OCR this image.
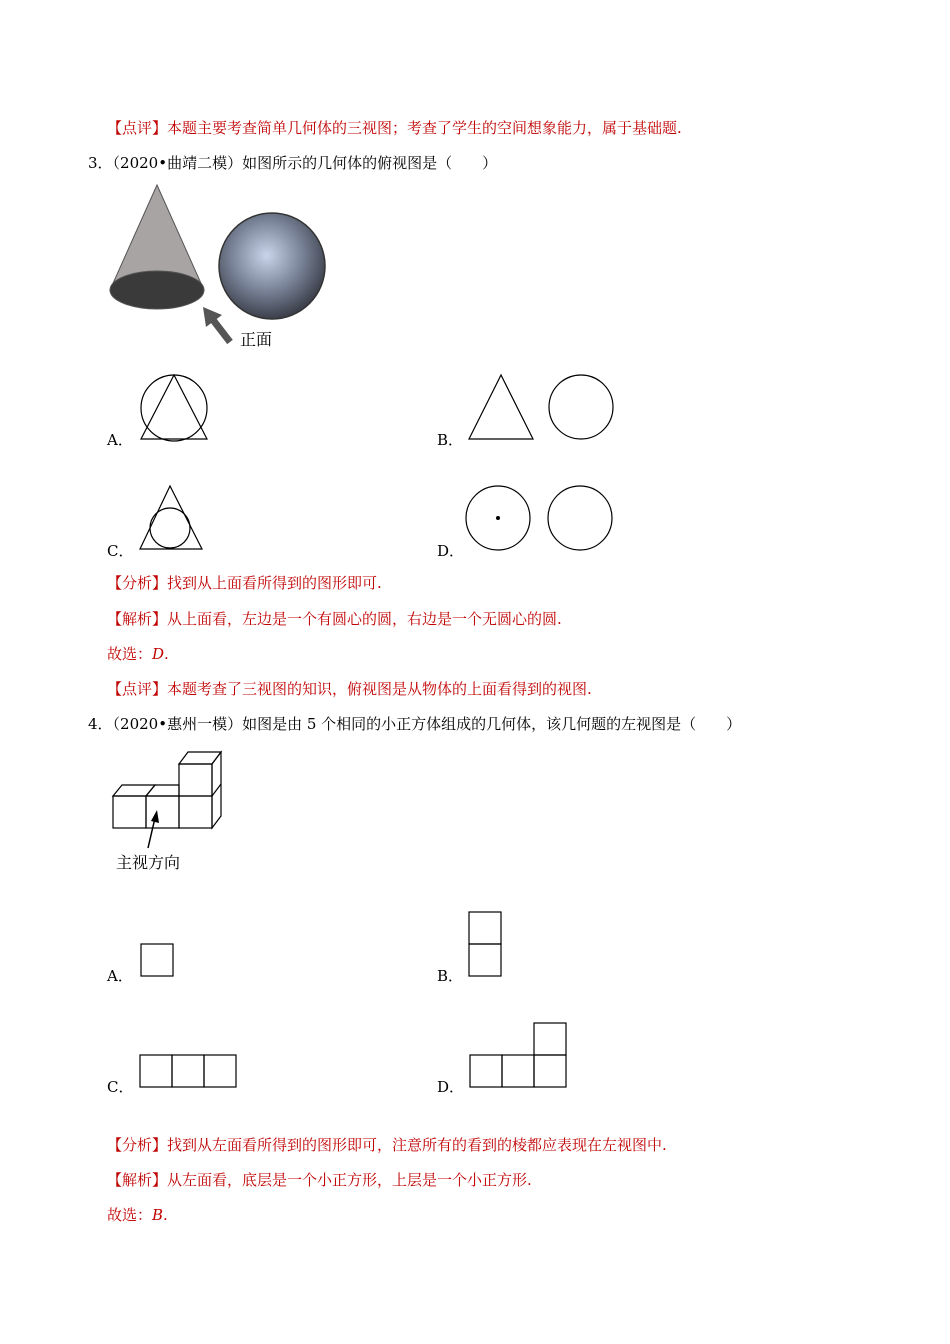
【点评】本题主要考查简单几何体的三视图；考查了学生的空间想象能力，属于基础题.
3．（2020•曲靖二模）如图所示的几何体的俯视图是（　　）
正面
A．	B．
C．	D．
【分析】找到从上面看所得到的图形即可.
【解析】从上面看，左边是一个有圆心的圆，右边是一个无圆心的圆.
故选：D.
【点评】本题考查了三视图的知识，俯视图是从物体的上面看得到的视图.
4．（2020•惠州一模）如图是由 5 个相同的小正方体组成的几何体，该几何题的左视图是（　　）
主视方向
A．	B．
C．	D．
【分析】找到从左面看所得到的图形即可，注意所有的看到的棱都应表现在左视图中.
【解析】从左面看，底层是一个小正方形，上层是一个小正方形.
故选：B.
